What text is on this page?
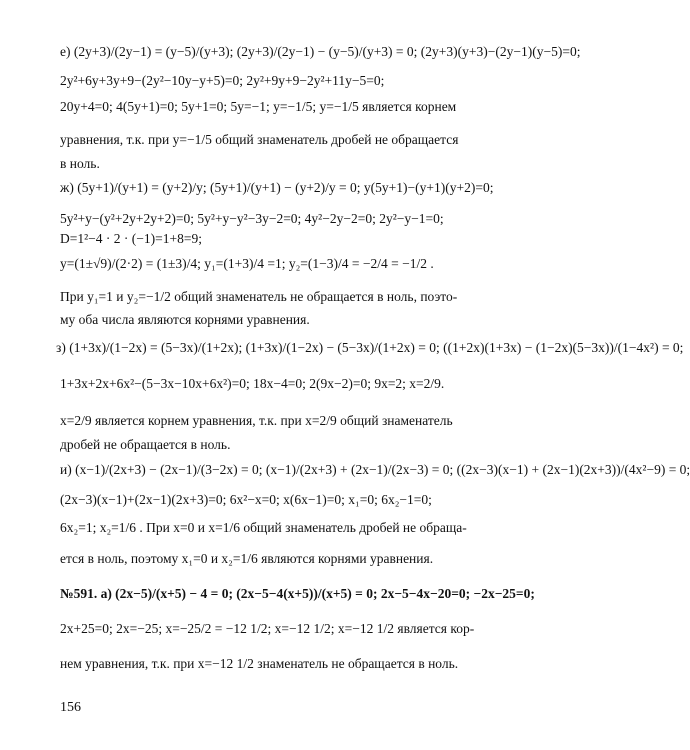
е) (2y+3)/(2y−1) = (y−5)/(y+3); (2y+3)/(2y−1) − (y−5)/(y+3) = 0; (2y+3)(y+3)−(2y−1)(y−5)=0;
2y²+6y+3y+9−(2y²−10y−y+5)=0; 2y²+9y+9−2y²+11y−5=0;
20y+4=0; 4(5y+1)=0; 5y+1=0; 5y=−1; y=−1/5; y=−1/5 является корнем
уравнения, т.к. при y=−1/5 общий знаменатель дробей не обращается
в ноль.
ж) (5y+1)/(y+1) = (y+2)/y; (5y+1)/(y+1) − (y+2)/y = 0; y(5y+1)−(y+1)(y+2)=0;
5y²+y−(y²+2y+2y+2)=0; 5y²+y−y²−3y−2=0; 4y²−2y−2=0; 2y²−y−1=0;
D=1²−4 · 2 · (−1)=1+8=9;
y=(1±√9)/(2·2) = (1±3)/4; y₁=(1+3)/4 =1; y₂=(1−3)/4 = −2/4 = −1/2 .
При y₁=1 и y₂=−1/2 общий знаменатель не обращается в ноль, поэто-
му оба числа являются корнями уравнения.
з) (1+3x)/(1−2x) = (5−3x)/(1+2x); (1+3x)/(1−2x) − (5−3x)/(1+2x) = 0; ((1+2x)(1+3x) − (1−2x)(5−3x))/(1−4x²) = 0;
1+3x+2x+6x²−(5−3x−10x+6x²)=0; 18x−4=0; 2(9x−2)=0; 9x=2; x=2/9.
x=2/9 является корнем уравнения, т.к. при x=2/9 общий знаменатель
дробей не обращается в ноль.
и) (x−1)/(2x+3) − (2x−1)/(3−2x) = 0; (x−1)/(2x+3) + (2x−1)/(2x−3) = 0; ((2x−3)(x−1) + (2x−1)(2x+3))/(4x²−9) = 0;
(2x−3)(x−1)+(2x−1)(2x+3)=0; 6x²−x=0; x(6x−1)=0; x₁=0; 6x₂−1=0;
6x₂=1; x₂=1/6 . При x=0 и x=1/6 общий знаменатель дробей не обраща-
ется в ноль, поэтому x₁=0 и x₂=1/6 являются корнями уравнения.
№591. а) (2x−5)/(x+5) − 4 = 0; (2x−5−4(x+5))/(x+5) = 0; 2x−5−4x−20=0; −2x−25=0;
2x+25=0; 2x=−25; x=−25/2 = −12 1/2; x=−12 1/2; x=−12 1/2 является кор-
нем уравнения, т.к. при x=−12 1/2 знаменатель не обращается в ноль.
156
